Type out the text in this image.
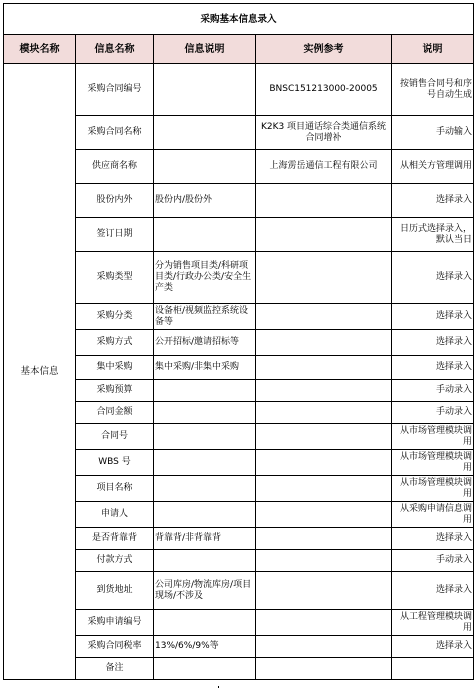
采购基本信息录入				
模块名称	信息名称	信息说明	实例参考	说明
基本信息	采购合同编号		BNSC151213000-20005	按销售合同号和序号自动生成
	采购合同名称		K2K3 项目通话综合类通信系统合同增补	手动输入
	供应商名称		上海雳岳通信工程有限公司	从相关方管理调用
	股份内外	股份内/股份外		选择录入
	签订日期			日历式选择录入，默认当日
	采购类型	分为销售项目类/科研项目类/行政办公类/安全生产类		选择录入
	采购分类	设备柜/视频监控系统设备等		选择录入
	采购方式	公开招标/邀请招标等		选择录入
	集中采购	集中采购/非集中采购		选择录入
	采购预算			手动录入
	合同金额			手动录入
	合同号			从市场管理模块调用
	WBS 号			从市场管理模块调用
	项目名称			从市场管理模块调用
	申请人			从采购申请信息调用
	是否背靠背	背靠背/非背靠背		选择录入
	付款方式			手动录入
	到货地址	公司库房/物流库房/项目现场/不涉及		选择录入
	采购申请编号			从工程管理模块调用
	采购合同税率	13%/6%/9%等		选择录入
	备注			
